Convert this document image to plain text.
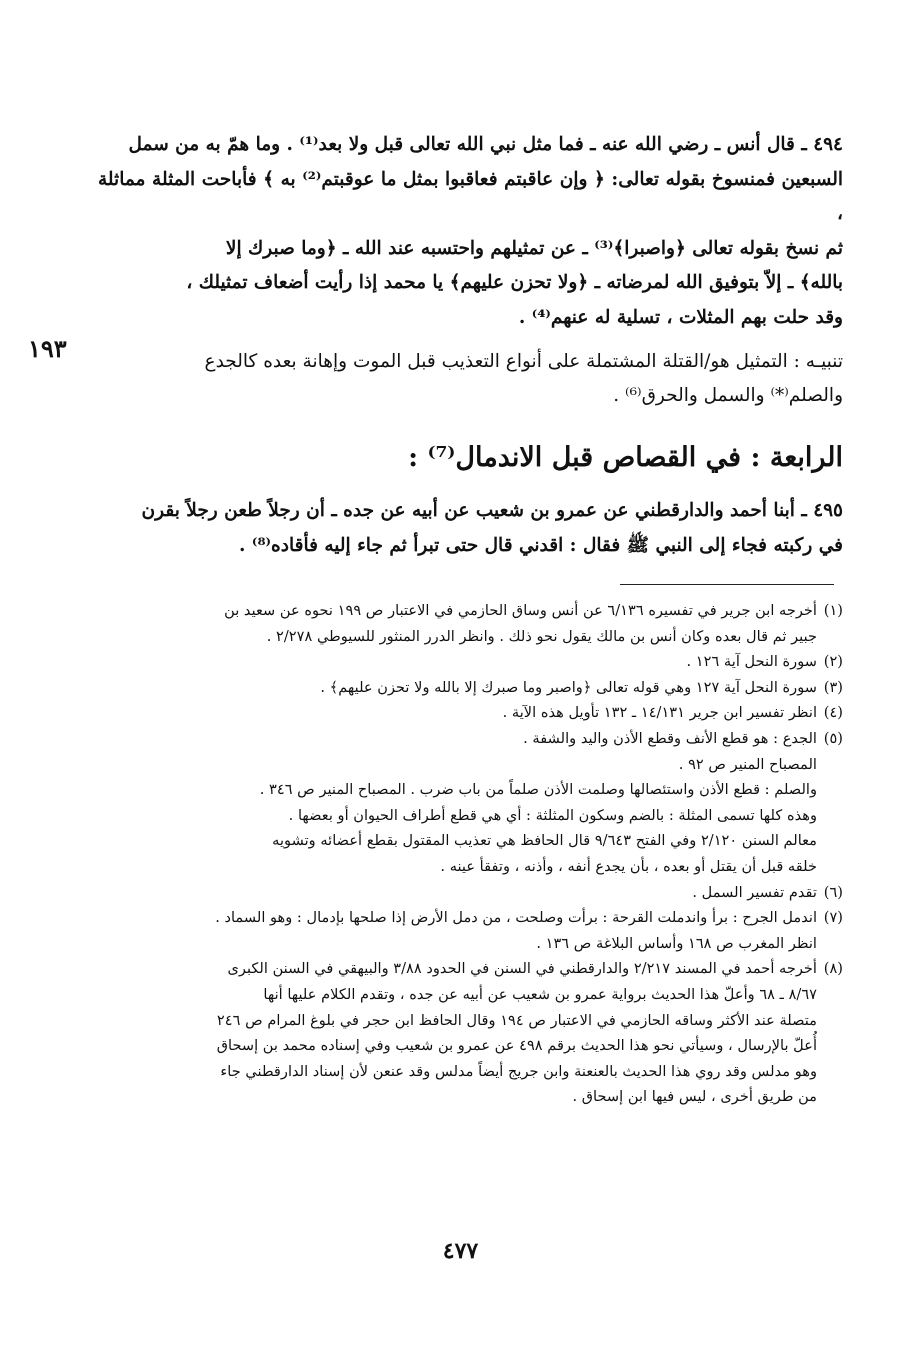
١٩٣

٤٩٤ ـ قال أنس ـ رضي الله عنه ـ فما مثل نبي الله تعالى قبل ولا بعد⁽¹⁾ . وما همّ به من سمل

السبعين فمنسوخ بقوله تعالى: ﴿ وإن عاقبتم فعاقبوا بمثل ما عوقبتم⁽²⁾ به ﴾ فأباحت المثلة مماثلة ،

ثم نسخ بقوله تعالى ﴿واصبرا﴾⁽³⁾ ـ عن تمثيلهم واحتسبه عند الله ـ ﴿وما صبرك إلا

بالله﴾ ـ إلاّ بتوفيق الله لمرضاته ـ ﴿ولا تحزن عليهم﴾ يا محمد إذا رأيت أضعاف تمثيلك ،

وقد حلت بهم المثلات ، تسلية له عنهم⁽⁴⁾ .

تنبيـه : التمثيل هو/القتلة المشتملة على أنواع التعذيب قبل الموت وإهانة بعده كالجدع

والصلم⁽*⁾ والسمل والحرق⁽⁶⁾ .

الرابعة : في القصاص قبل الاندمال⁽⁷⁾ :

٤٩٥ ـ أبنا أحمد والدارقطني عن عمرو بن شعيب عن أبيه عن جده ـ أن رجلاً طعن رجلاً بقرن

في ركبته فجاء إلى النبي ﷺ فقال : اقدني قال حتى تبرأ ثم جاء إليه فأقاده⁽⁸⁾ .

(١)
أخرجه ابن جرير في تفسيره ٦/١٣٦ عن أنس وساق الحازمي في الاعتبار ص ١٩٩ نحوه عن سعيد بن
جبير ثم قال بعده وكان أنس بن مالك يقول نحو ذلك . وانظر الدرر المنثور للسيوطي ٢/٢٧٨ .
(٢)
سورة النحل آية ١٢٦ .
(٣)
سورة النحل آية ١٢٧ وهي قوله تعالى ﴿واصبر وما صبرك إلا بالله ولا تحزن عليهم﴾ .
(٤)
انظر تفسير ابن جرير ١٤/١٣١ ـ ١٣٢ تأويل هذه الآية .
(٥)
الجدع : هو قطع الأنف وقطع الأذن واليد والشفة .
المصباح المنير ص ٩٢ .
والصلم : قطع الأذن واستئصالها وصلمت الأذن صلماً من باب ضرب . المصباح المنير ص ٣٤٦ .
وهذه كلها تسمى المثلة : بالضم وسكون المثلثة : أي هي قطع أطراف الحيوان أو بعضها .
معالم السنن ٢/١٢٠ وفي الفتح ٩/٦٤٣ قال الحافظ هي تعذيب المقتول بقطع أعضائه وتشويه
خلقه قبل أن يقتل أو بعده ، بأن يجدع أنفه ، وأذنه ، وتفقأ عينه .
(٦)
تقدم تفسير السمل .
(٧)
اندمل الجرح : برأ واندملت القرحة : برأت وصلحت ، من دمل الأرض إذا صلحها بإدمال : وهو السماد .
انظر المغرب ص ١٦٨ وأساس البلاغة ص ١٣٦ .
(٨)
أخرجه أحمد في المسند ٢/٢١٧ والدارقطني في السنن في الحدود ٣/٨٨ والبيهقي في السنن الكبرى
٨/٦٧ ـ ٦٨ وأعلّ هذا الحديث برواية عمرو بن شعيب عن أبيه عن جده ، وتقدم الكلام عليها أنها
متصلة عند الأكثر وساقه الحازمي في الاعتبار ص ١٩٤ وقال الحافظ ابن حجر في بلوغ المرام ص ٢٤٦
أُعلّ بالإرسال ، وسيأتي نحو هذا الحديث برقم ٤٩٨ عن عمرو بن شعيب وفي إسناده محمد بن إسحاق
وهو مدلس وقد روي هذا الحديث بالعنعنة وابن جريج أيضاً مدلس وقد عنعن لأن إسناد الدارقطني جاء
من طريق أخرى ، ليس فيها ابن إسحاق .
٤٧٧
